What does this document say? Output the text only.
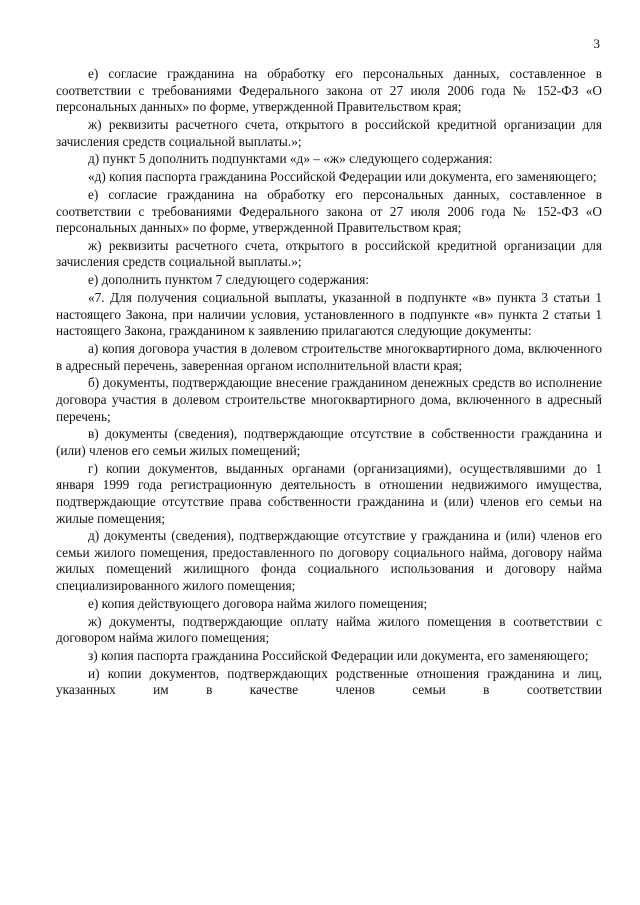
3

е) согласие гражданина на обработку его персональных данных, составленное в соответствии с требованиями Федерального закона от 27 июля 2006 года № 152-ФЗ «О персональных данных» по форме, утвержденной Правительством края;

ж) реквизиты расчетного счета, открытого в российской кредитной организации для зачисления средств социальной выплаты.»;

д) пункт 5 дополнить подпунктами «д» – «ж» следующего содержания:

«д) копия паспорта гражданина Российской Федерации или документа, его заменяющего;

е) согласие гражданина на обработку его персональных данных, составленное в соответствии с требованиями Федерального закона от 27 июля 2006 года № 152-ФЗ «О персональных данных» по форме, утвержденной Правительством края;

ж) реквизиты расчетного счета, открытого в российской кредитной организации для зачисления средств социальной выплаты.»;

е) дополнить пунктом 7 следующего содержания:

«7. Для получения социальной выплаты, указанной в подпункте «в» пункта 3 статьи 1 настоящего Закона, при наличии условия, установленного в подпункте «в» пункта 2 статьи 1 настоящего Закона, гражданином к заявлению прилагаются следующие документы:

а) копия договора участия в долевом строительстве многоквартирного дома, включенного в адресный перечень, заверенная органом исполнительной власти края;

б) документы, подтверждающие внесение гражданином денежных средств во исполнение договора участия в долевом строительстве многоквартирного дома, включенного в адресный перечень;

в) документы (сведения), подтверждающие отсутствие в собственности гражданина и (или) членов его семьи жилых помещений;

г) копии документов, выданных органами (организациями), осуществлявшими до 1 января 1999 года регистрационную деятельность в отношении недвижимого имущества, подтверждающие отсутствие права собственности гражданина и (или) членов его семьи на жилые помещения;

д) документы (сведения), подтверждающие отсутствие у гражданина и (или) членов его семьи жилого помещения, предоставленного по договору социального найма, договору найма жилых помещений жилищного фонда социального использования и договору найма специализированного жилого помещения;

е) копия действующего договора найма жилого помещения;

ж) документы, подтверждающие оплату найма жилого помещения в соответствии с договором найма жилого помещения;

з) копия паспорта гражданина Российской Федерации или документа, его заменяющего;

и) копии документов, подтверждающих родственные отношения гражданина и лиц, указанных им в качестве членов семьи в соответствии
